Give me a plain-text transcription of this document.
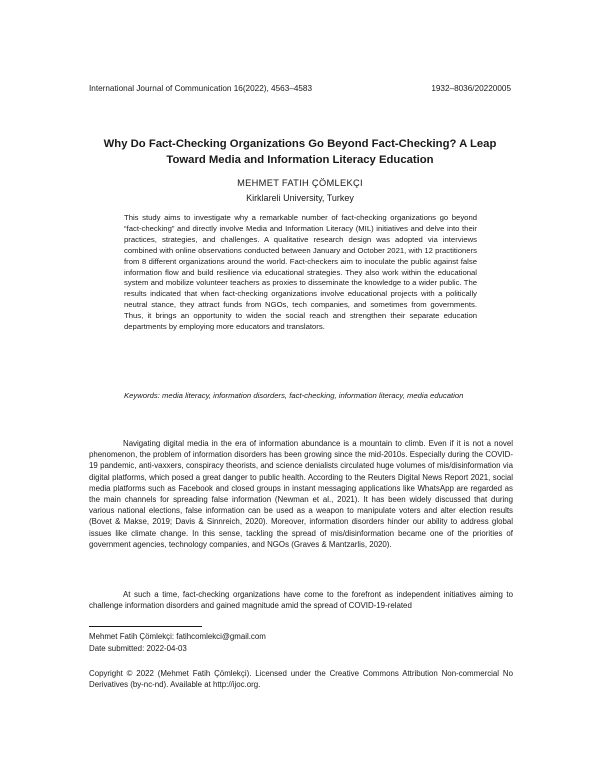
International Journal of Communication 16(2022), 4563–4583	1932–8036/20220005
Why Do Fact-Checking Organizations Go Beyond Fact-Checking? A Leap Toward Media and Information Literacy Education
MEHMET FATIH ÇÖMLEKÇI
Kirklareli University, Turkey

This study aims to investigate why a remarkable number of fact-checking organizations go beyond “fact-checking” and directly involve Media and Information Literacy (MIL) initiatives and delve into their practices, strategies, and challenges. A qualitative research design was adopted via interviews combined with online observations conducted between January and October 2021, with 12 practitioners from 8 different organizations around the world. Fact-checkers aim to inoculate the public against false information flow and build resilience via educational strategies. They also work within the educational system and mobilize volunteer teachers as proxies to disseminate the knowledge to a wider public. The results indicated that when fact-checking organizations involve educational projects with a politically neutral stance, they attract funds from NGOs, tech companies, and sometimes from governments. Thus, it brings an opportunity to widen the social reach and strengthen their separate education departments by employing more educators and translators.

Keywords: media literacy, information disorders, fact-checking, information literacy, media education

Navigating digital media in the era of information abundance is a mountain to climb. Even if it is not a novel phenomenon, the problem of information disorders has been growing since the mid-2010s. Especially during the COVID-19 pandemic, anti-vaxxers, conspiracy theorists, and science denialists circulated huge volumes of mis/disinformation via digital platforms, which posed a great danger to public health. According to the Reuters Digital News Report 2021, social media platforms such as Facebook and closed groups in instant messaging applications like WhatsApp are regarded as the main channels for spreading false information (Newman et al., 2021). It has been widely discussed that during various national elections, false information can be used as a weapon to manipulate voters and alter election results (Bovet & Makse, 2019; Davis & Sinnreich, 2020). Moreover, information disorders hinder our ability to address global issues like climate change. In this sense, tackling the spread of mis/disinformation became one of the priorities of government agencies, technology companies, and NGOs (Graves & Mantzarlis, 2020).

At such a time, fact-checking organizations have come to the forefront as independent initiatives aiming to challenge information disorders and gained magnitude amid the spread of COVID-19-related

Mehmet Fatih Çömlekçi: fatihcomlekci@gmail.com

Date submitted: 2022-04-03

Copyright © 2022 (Mehmet Fatih Çömlekçi). Licensed under the Creative Commons Attribution Non-commercial No Derivatives (by-nc-nd). Available at http://ijoc.org.
